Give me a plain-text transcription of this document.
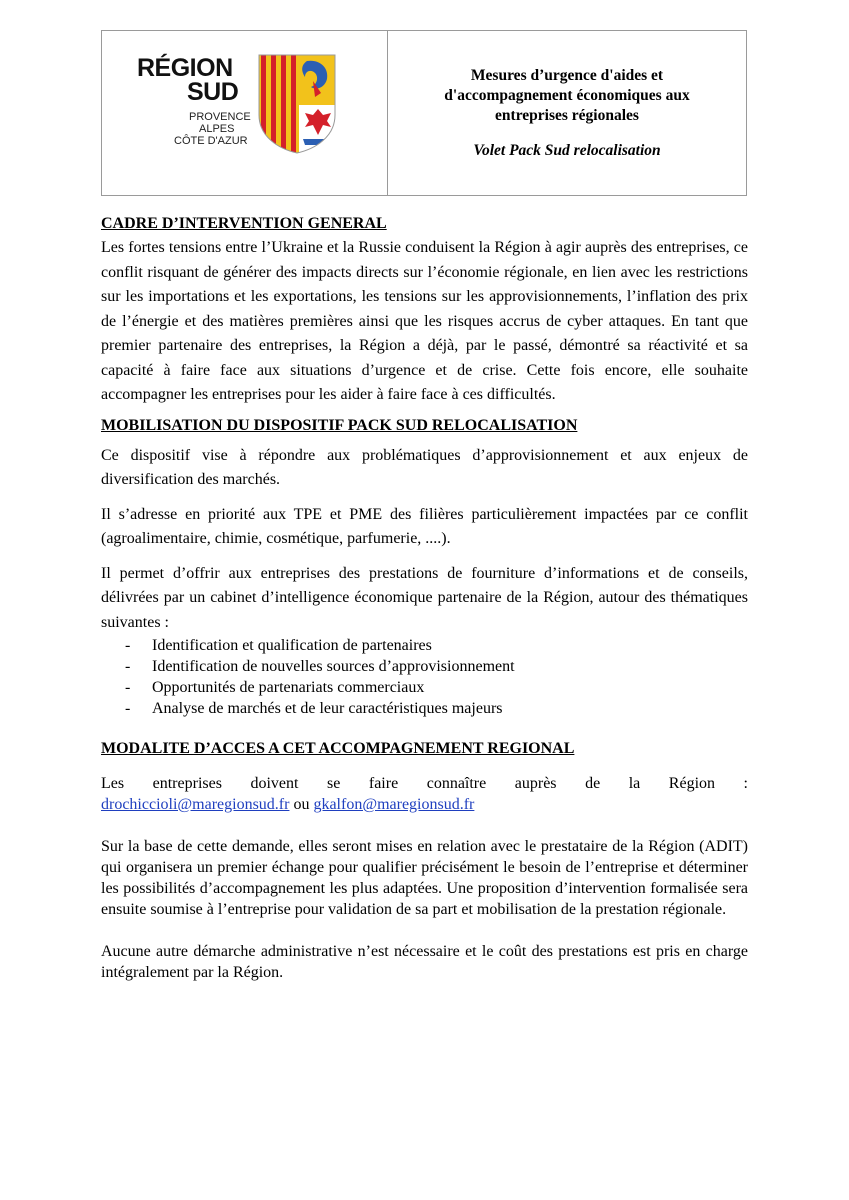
RÉGION
SUD
PROVENCE
ALPES
CÔTE D'AZUR
Mesures d’urgence d'aides et d'accompagnement économiques aux entreprises régionales
Volet Pack Sud relocalisation
CADRE D’INTERVENTION GENERAL

Les fortes tensions entre l’Ukraine et la Russie conduisent la Région à agir auprès des entreprises, ce conflit risquant de générer des impacts directs sur l’économie régionale, en lien avec les restrictions sur les importations et les exportations, les tensions sur les approvisionnements, l’inflation des prix de l’énergie et des matières premières ainsi que les risques accrus de cyber attaques. En tant que premier partenaire des entreprises, la Région a déjà, par le passé, démontré sa réactivité et sa capacité à faire face aux situations d’urgence et de crise. Cette fois encore, elle souhaite accompagner les entreprises pour les aider à faire face à ces difficultés.

MOBILISATION DU DISPOSITIF PACK SUD RELOCALISATION

Ce dispositif vise à répondre aux problématiques d’approvisionnement et aux enjeux de diversification des marchés.

Il s’adresse en priorité aux TPE et PME des filières particulièrement impactées par ce conflit (agroalimentaire, chimie, cosmétique, parfumerie, ....).

Il permet d’offrir aux entreprises des prestations de fourniture d’informations et de conseils, délivrées par un cabinet d’intelligence économique partenaire de la Région, autour des thématiques suivantes :

- Identification et qualification de partenaires
- Identification de nouvelles sources d’approvisionnement
- Opportunités de partenariats commerciaux
- Analyse de marchés et de leur caractéristiques majeurs
MODALITE D’ACCES A CET ACCOMPAGNEMENT REGIONAL

Les entreprises doivent se faire connaître auprès de la Région :

drochiccioli@maregionsud.fr ou gkalfon@maregionsud.fr

Sur la base de cette demande, elles seront mises en relation avec le prestataire de la Région (ADIT) qui organisera un premier échange pour qualifier précisément le besoin de l’entreprise et déterminer les possibilités d’accompagnement les plus adaptées. Une proposition d’intervention formalisée sera ensuite soumise à l’entreprise pour validation de sa part et mobilisation de la prestation régionale.

Aucune autre démarche administrative n’est nécessaire et le coût des prestations est pris en charge intégralement par la Région.
